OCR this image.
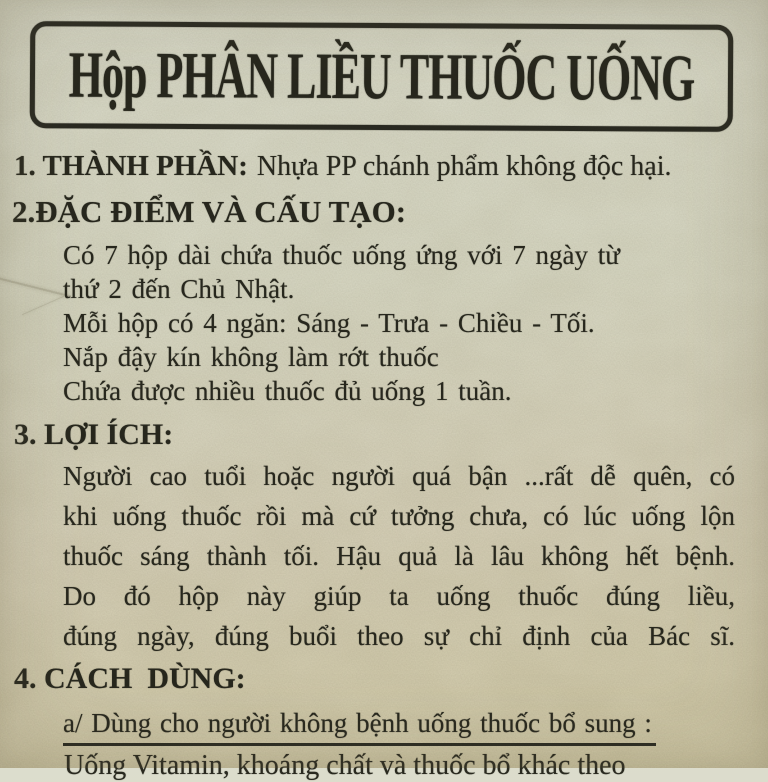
Hộp PHÂN LIỀU THUỐC UỐNG
1. THÀNH PHẦN: Nhựa PP chánh phẩm không độc hại.
2.ĐẶC ĐIỂM VÀ CẤU TẠO:
Có 7 hộp dài chứa thuốc uống ứng với 7 ngày từ
thứ 2 đến Chủ Nhật.
Mỗi hộp có 4 ngăn: Sáng - Trưa - Chiều - Tối.
Nắp đậy kín không làm rớt thuốc
Chứa được nhiều thuốc đủ uống 1 tuần.
3. LỢI ÍCH:
Người cao tuổi hoặc người quá bận ...rất dễ quên, có
khi uống thuốc rồi mà cứ tưởng chưa, có lúc uống lộn
thuốc sáng thành tối. Hậu quả là lâu không hết bệnh.
Do đó hộp này giúp ta uống thuốc đúng liều,
đúng ngày, đúng buổi theo sự chỉ định của Bác sĩ.
4. CÁCH  DÙNG:
a/ Dùng cho người không bệnh uống thuốc bổ sung :
Uống Vitamin, khoáng chất và thuốc bổ khác theo
